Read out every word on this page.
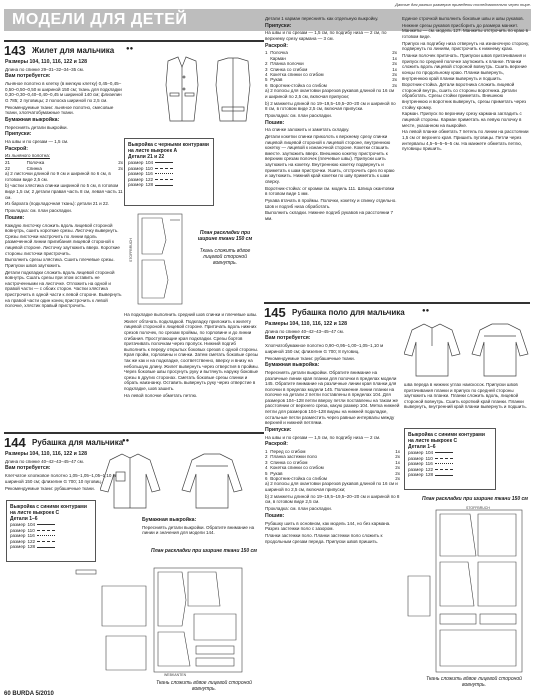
Данные для разных размеров приведены последовательно через тире.
МОДЕЛИ ДЛЯ ДЕТЕЙ
143 Жилет для мальчика ●●

Размеры 104, 110, 116, 122 и 128

Длина по спинке 29–31–32–34–35 см.

Вам потребуется:

Льняное полотно в клетку (в мелкую клетку) 0,45–0,45–0,50–0,50–0,50 м шириной 150 см; ткань для подкладки 0,30–0,30–0,40–0,40–0,45 м шириной 140 см; флизелин G 785; 2 пуговицы; 2 полоска шириной по 2,5 см.

Рекомендуемые ткани: льняное полотно, смесовые ткани, хлопчатобумажные ткани.

Бумажная выкройка:

Пересниять детали выкройки.

Припуски:

На швы и по срезам — 1,5 см.

Раскрой:

Из льняного полотна:

21	Полочка	2x
22	Спинка	2x

а) 2 листочки длиной по 9 см и шириной по 6 см, в готовом виде 2,5 см.

b) частки хлястика спинки шириной по 5 см, в готовом виде 1,5 см; 2 детали правая часть 8 см, левая часть 11 см.

Из бархата (подкладочная ткань): детали 21 и 22.

Прокладка: см. план раскладки.

Пошив:

Каждую листочку сложить вдоль лицевой стороной вовнутрь, сшить короткие срезы. Листочку вывернуть. Срезы листочки настрочить по линии вдоль размеченной линии пригибания лицевой стороной к лицевой стороне. Листочку заутюжить вверх. Короткие стороны листочки пристрочить.

Выполнить срезы хлястика. Сшить плечевые срезы. Припуски швов заутюжить.

Детали подкладки сложить вдоль лицевой стороной вовнутрь. Сшать срезы при этом оставить не настроченными на листочке. Отложить на одной и правой части — с обоих сторон. Частки хлястика пристрочить в одной части к левой стороне. Вывернуть на правой части один конец пристрочить к левой полочке, хлястик правый пристрочить.

Выкройка с черными контурами на листе выкроек А
Детали 21 и 22
размер	104	
размер	110	
размер	116	
размер	122	
размер	128	
STOFFBRUCH
План раскладки при ширине ткани 150 см
Ткань сложить вдвое лицевой стороной вовнутрь.

На подкладке выполнить средний шов спинки и плечевые швы.

Жилет обтачать подкладкой. Подкладку приложить к жилету лицевой стороной к лицевой стороне. Притачать вдоль нижних срезов полочек, по срезам проймы, по горловине и до линии сгибания. Проступающие края подкладки. Срезы бортов притачивать полочкам через пропуск. Нижний подгиб выполнить к переду открытых боковых срезов с одной стороны. Края пройм, горловины и спинки. Затем сметать боковые срезы так же как и на подкладке, соответственно, вверху и внизу на небольшую длину. Жилет вывернуть через отверстия в проймы. Через боковые швы просунуть руку и вытянуть наружу боковые срезы в других сторонах. Сметать боковые срезы спинки и обрать наизнанку. Оставить вывернуть руку через отверстие в подкладке, шов зашить.

На левой полочке обметать петлю.

144 Рубашка для мальчика
●●

Размеры 104, 110, 116, 122 и 128

Длина по спинке 40–42–43–45–47 см.

Вам потребуется:

Клетчатое хлопковое полотно 1,05–1,05–1,05–1,10 м шириной 150 см; флизелин G 700; 10 пуговиц.

Рекомендуемые ткани: рубашечные ткани.

Выкройка с синими контурами на листе выкроек С
Детали 1–6
размер	104	
размер	110	
размер	116	
размер	122	
размер	128	

Бумажная выкройка:

Пересниять детали выкройки. Обратите внимание на линии и значения для модели 144.

WEBKANTEN
План раскладки при ширине ткани 150 см
Ткань сложить вдвое лицевой стороной вовнутрь.

Детали 1 карман пересниять как отдельную выкройку.

Припуски:

На швы и по срезам — 1,5 см, по подгибу низа — 2 см, по верхнему срезу кармана — 3 см.

Раскрой:

1	Полочка	2x
	Карман	1x
2	Планка полочки	2x
3	Спинка со сгибом	1x
4	Кокетка спинки со сгибом	2x
5	Рукав	2x
6	Воротник-стойка со сгибом	2x

а) 2 полосы для окантовки разрезов рукавов длиной по 16 см и шириной по 2,5 см, включая припуски;

b) 2 манжеты длиной по 19–19,5–19,5–20–20 см и шириной по 8 см, в готовом виде 2,5 см, включая припуски.

Прокладка: см. план раскладки.

Пошив:

На спинке заложить и заметать складку.

Детали кокетки спинки приколоть к верхнему срезу спинки лицевой лицевой стороной к лицевой стороне, внутреннюю кокетку — лицевой к изнаночной стороне. Кокетки сташить вместе. заутюжить вверх. Внешнюю кокетку пристрочить к верхним срезам полочек (плечевые швы). Припуски шить заутюжить на кокетку. Внутреннюю кокетку подвернуть и приметать к шам пристрочки. Ушить, отстрочить срез по краю и заутюжить. Нижний край кокетки по шву приметать к шам сверху.

Воротник-стойка: от кромки см. модель 111. Шлица окантовки в готовом виде 1 мм.

Рукава втачать в проймы. Полочки, кокетку и спинку отдельно. Шов и подгиб низа обработать.

Выполнить складки. Нижнее подгиб рукавов на расстоянии 7 мм.

Единое строчкой выполнить боковые швы и швы рукавов.

Нижние срезы рукавов присборить до размера манжет. Манжеты — см. модель 127. Манжеты отстрочить по краю в готовом виде.

Припуск на подгибку низа отвернуть на изнаночную сторону, подвернуть по линиям, пристрочить к нижнему краю.

Планки полочек притачать. Припуски швов притачивания и припуск по средней полочке заутюжить к планке. Планки сложить вдоль лицевой стороной вовнутрь. Сшить верхние концы по продольному краю. Планки вывернуть, внутреннюю край планки вывернуть и подшить.

Воротник-стойка. Детали воротника сложить лицевой стороной внутрь, сшить со стороны воротника. Детали обработать. Срезы стойки приметать. Внешнюю внутреннюю и воротник вывернуть, срезы приметать через стойку кромку.

Карман. Припуск по верхнему срезу кармана загладить с лицевой стороны. Карман приметать на левую полочку в месте, указанном на выкройке.

На левой планке обметать 7 петель по линии на расстоянии 1,5 см от верхнего края. Пришить пуговицы. Петли через интервалы 4,5–5–5–5–5 см. На манжете обметать петлю, пуговицы пришить.

145 Рубашка поло для мальчика	●●

Размеры 104, 110, 116, 122 и 128

Длина по спинке 40–42–43–45–47 см.

Вам потребуется:

Хлопчатобумажное полотно 0,90–0,95–1,00–1,05–1,10 м шириной 150 см; флизелин G 700; 8 пуговиц.

Рекомендуемые ткани: рубашечные ткани.

Бумажная выкройка:

Пересниять детали выкройки. Обратите внимание на различные линии края планки для полочки в пределах модели 145. Обратите внимание на различные линии края планки для полочки в пределах модели 145. Положение линии планки на полочке на детали 2 петли поставлены в пределах 104. Для размеров 104–128 петли вверху петли поставлены на таком же расстоянии от верхнего среза, какую размер 104. Метка нижней петли для размеров 104–128 видны на нижней подкладке, остальные петли разместить через равные интервалы между верхней и нижней петлями.

Припуски:

На швы и по срезам — 1,5 см, по подгибу низа — 2 см.

Раскрой:

1	Перед со сгибом	1x
2	Планка застежки поло	2x
3	Спинка со сгибом	1x
4	Кокетка спинки со сгибом	2x
5	Рукав	2x
6	Воротник-стойка со сгибом	2x

а) 2 полосы для окантовки разрезов рукавов длиной по 16 см и шириной по 2,5 см, включая припуски;

b) 2 манжеты длиной по 19–19,5–19,5–20–20 см и шириной по 8 см, в готовом виде 2,5 см.

Прокладка: см. план раскладки.

Пошив:

Рубашку шить в основном, как модель 144, но без кармана. Разрез застежки поло с зазором.

Планки застежки поло. Планки застежки поло сложить к продольным срезам переда. Припуски швов пришить.

шва переда в нижних углах наискосок. Припуски швов притачивания планки и припуск по средней стороны заутюжить на планки. Планки сложить вдоль, лицевой стороной вовнутрь. Сшить короткий край планки. Планки вывернуть, внутренний край планки вывернуть и подшить.

Выкройка с синими контурами на листе выкроек С
Детали 1–6
размер	104	
размер	110	
размер	116	
размер	122	
размер	128	
План раскладки при ширине ткани 150 см
STOFFBRUCH
Ткань сложить вдвое лицевой стороной вовнутрь.
60 BURDA 5/2010
